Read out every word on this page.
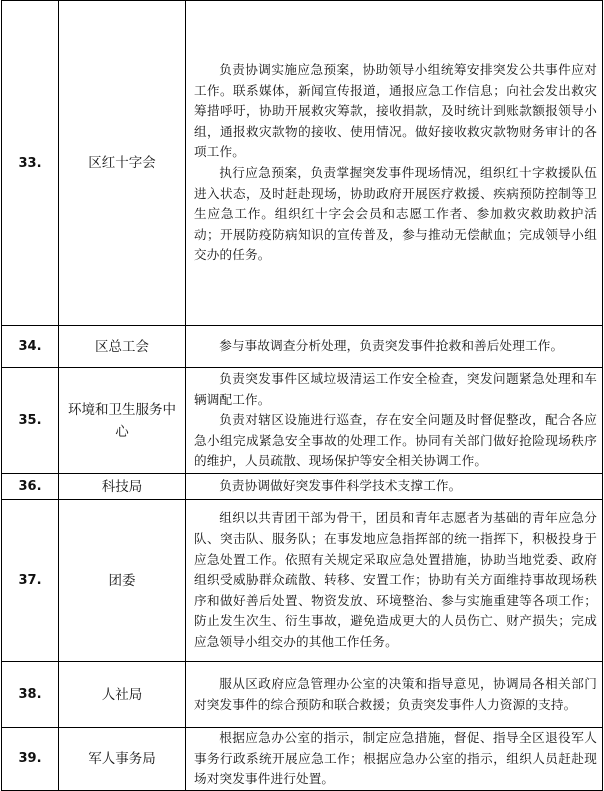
33.	区红十字会	负责协调实施应急预案，协助领导小组统筹安排突发公共事件应对工作。联系媒体，新闻宣传报道，通报应急工作信息；向社会发出救灾筹措呼吁，协助开展救灾筹款，接收捐款，及时统计到账款额报领导小组，通报救灾款物的接收、使用情况。做好接收救灾款物财务审计的各项工作。

执行应急预案，负责掌握突发事件现场情况，组织红十字救援队伍进入状态，及时赶赴现场，协助政府开展医疗救援、疾病预防控制等卫生应急工作。组织红十字会会员和志愿工作者、参加救灾救助救护活动；开展防疫防病知识的宣传普及，参与推动无偿献血；完成领导小组交办的任务。

34.	区总工会	参与事故调查分析处理，负责突发事件抢救和善后处理工作。

35.	环境和卫生服务中心	负责突发事件区域垃圾清运工作安全检查，突发问题紧急处理和车辆调配工作。

负责对辖区设施进行巡查，存在安全问题及时督促整改，配合各应急小组完成紧急安全事故的处理工作。协同有关部门做好抢险现场秩序的维护，人员疏散、现场保护等安全相关协调工作。

36.	科技局	负责协调做好突发事件科学技术支撑工作。

37.	团委	组织以共青团干部为骨干，团员和青年志愿者为基础的青年应急分队、突击队、服务队；在事发地应急指挥部的统一指挥下，积极投身于应急处置工作。依照有关规定采取应急处置措施，协助当地党委、政府组织受威胁群众疏散、转移、安置工作；协助有关方面维持事故现场秩序和做好善后处置、物资发放、环境整治、参与实施重建等各项工作；防止发生次生、衍生事故，避免造成更大的人员伤亡、财产损失；完成应急领导小组交办的其他工作任务。

38.	人社局	服从区政府应急管理办公室的决策和指导意见，协调局各相关部门对突发事件的综合预防和联合救援；负责突发事件人力资源的支持。

39.	军人事务局	根据应急办公室的指示，制定应急措施，督促、指导全区退役军人事务行政系统开展应急工作；根据应急办公室的指示，组织人员赶赴现场对突发事件进行处置。
